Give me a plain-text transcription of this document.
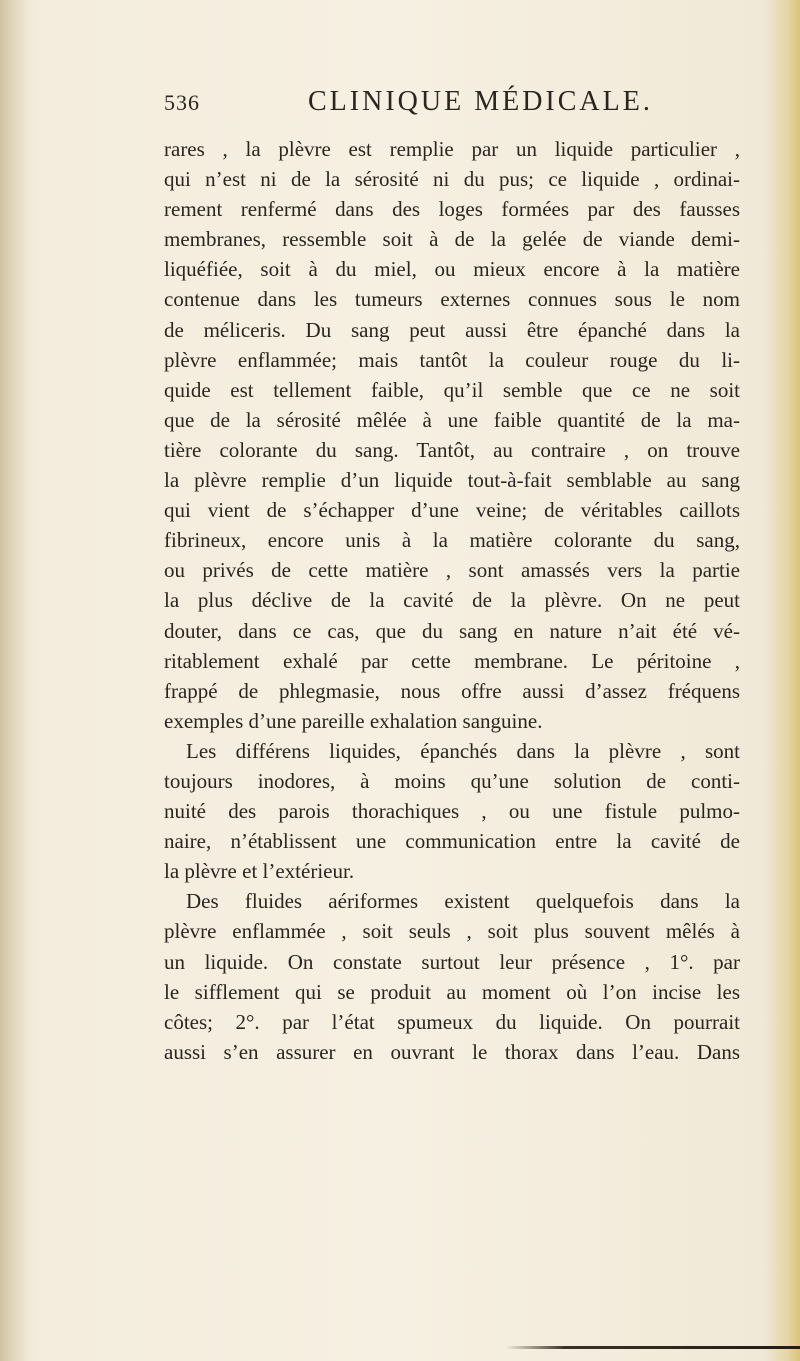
536	CLINIQUE MÉDICALE.
rares , la plèvre est remplie par un liquide particulier ,
qui n’est ni de la sérosité ni du pus; ce liquide , ordinai-
rement renfermé dans des loges formées par des fausses
membranes, ressemble soit à de la gelée de viande demi-
liquéfiée, soit à du miel, ou mieux encore à la matière
contenue dans les tumeurs externes connues sous le nom
de méliceris. Du sang peut aussi être épanché dans la
plèvre enflammée; mais tantôt la couleur rouge du li-
quide est tellement faible, qu’il semble que ce ne soit
que de la sérosité mêlée à une faible quantité de la ma-
tière colorante du sang. Tantôt, au contraire , on trouve
la plèvre remplie d’un liquide tout-à-fait semblable au sang
qui vient de s’échapper d’une veine; de véritables caillots
fibrineux, encore unis à la matière colorante du sang,
ou privés de cette matière , sont amassés vers la partie
la plus déclive de la cavité de la plèvre. On ne peut
douter, dans ce cas, que du sang en nature n’ait été vé-
ritablement exhalé par cette membrane. Le péritoine ,
frappé de phlegmasie, nous offre aussi d’assez fréquens
exemples d’une pareille exhalation sanguine.
Les différens liquides, épanchés dans la plèvre , sont
toujours inodores, à moins qu’une solution de conti-
nuité des parois thorachiques , ou une fistule pulmo-
naire, n’établissent une communication entre la cavité de
la plèvre et l’extérieur.
Des fluides aériformes existent quelquefois dans la
plèvre enflammée , soit seuls , soit plus souvent mêlés à
un liquide. On constate surtout leur présence , 1°. par
le sifflement qui se produit au moment où l’on incise les
côtes; 2°. par l’état spumeux du liquide. On pourrait
aussi s’en assurer en ouvrant le thorax dans l’eau. Dans
